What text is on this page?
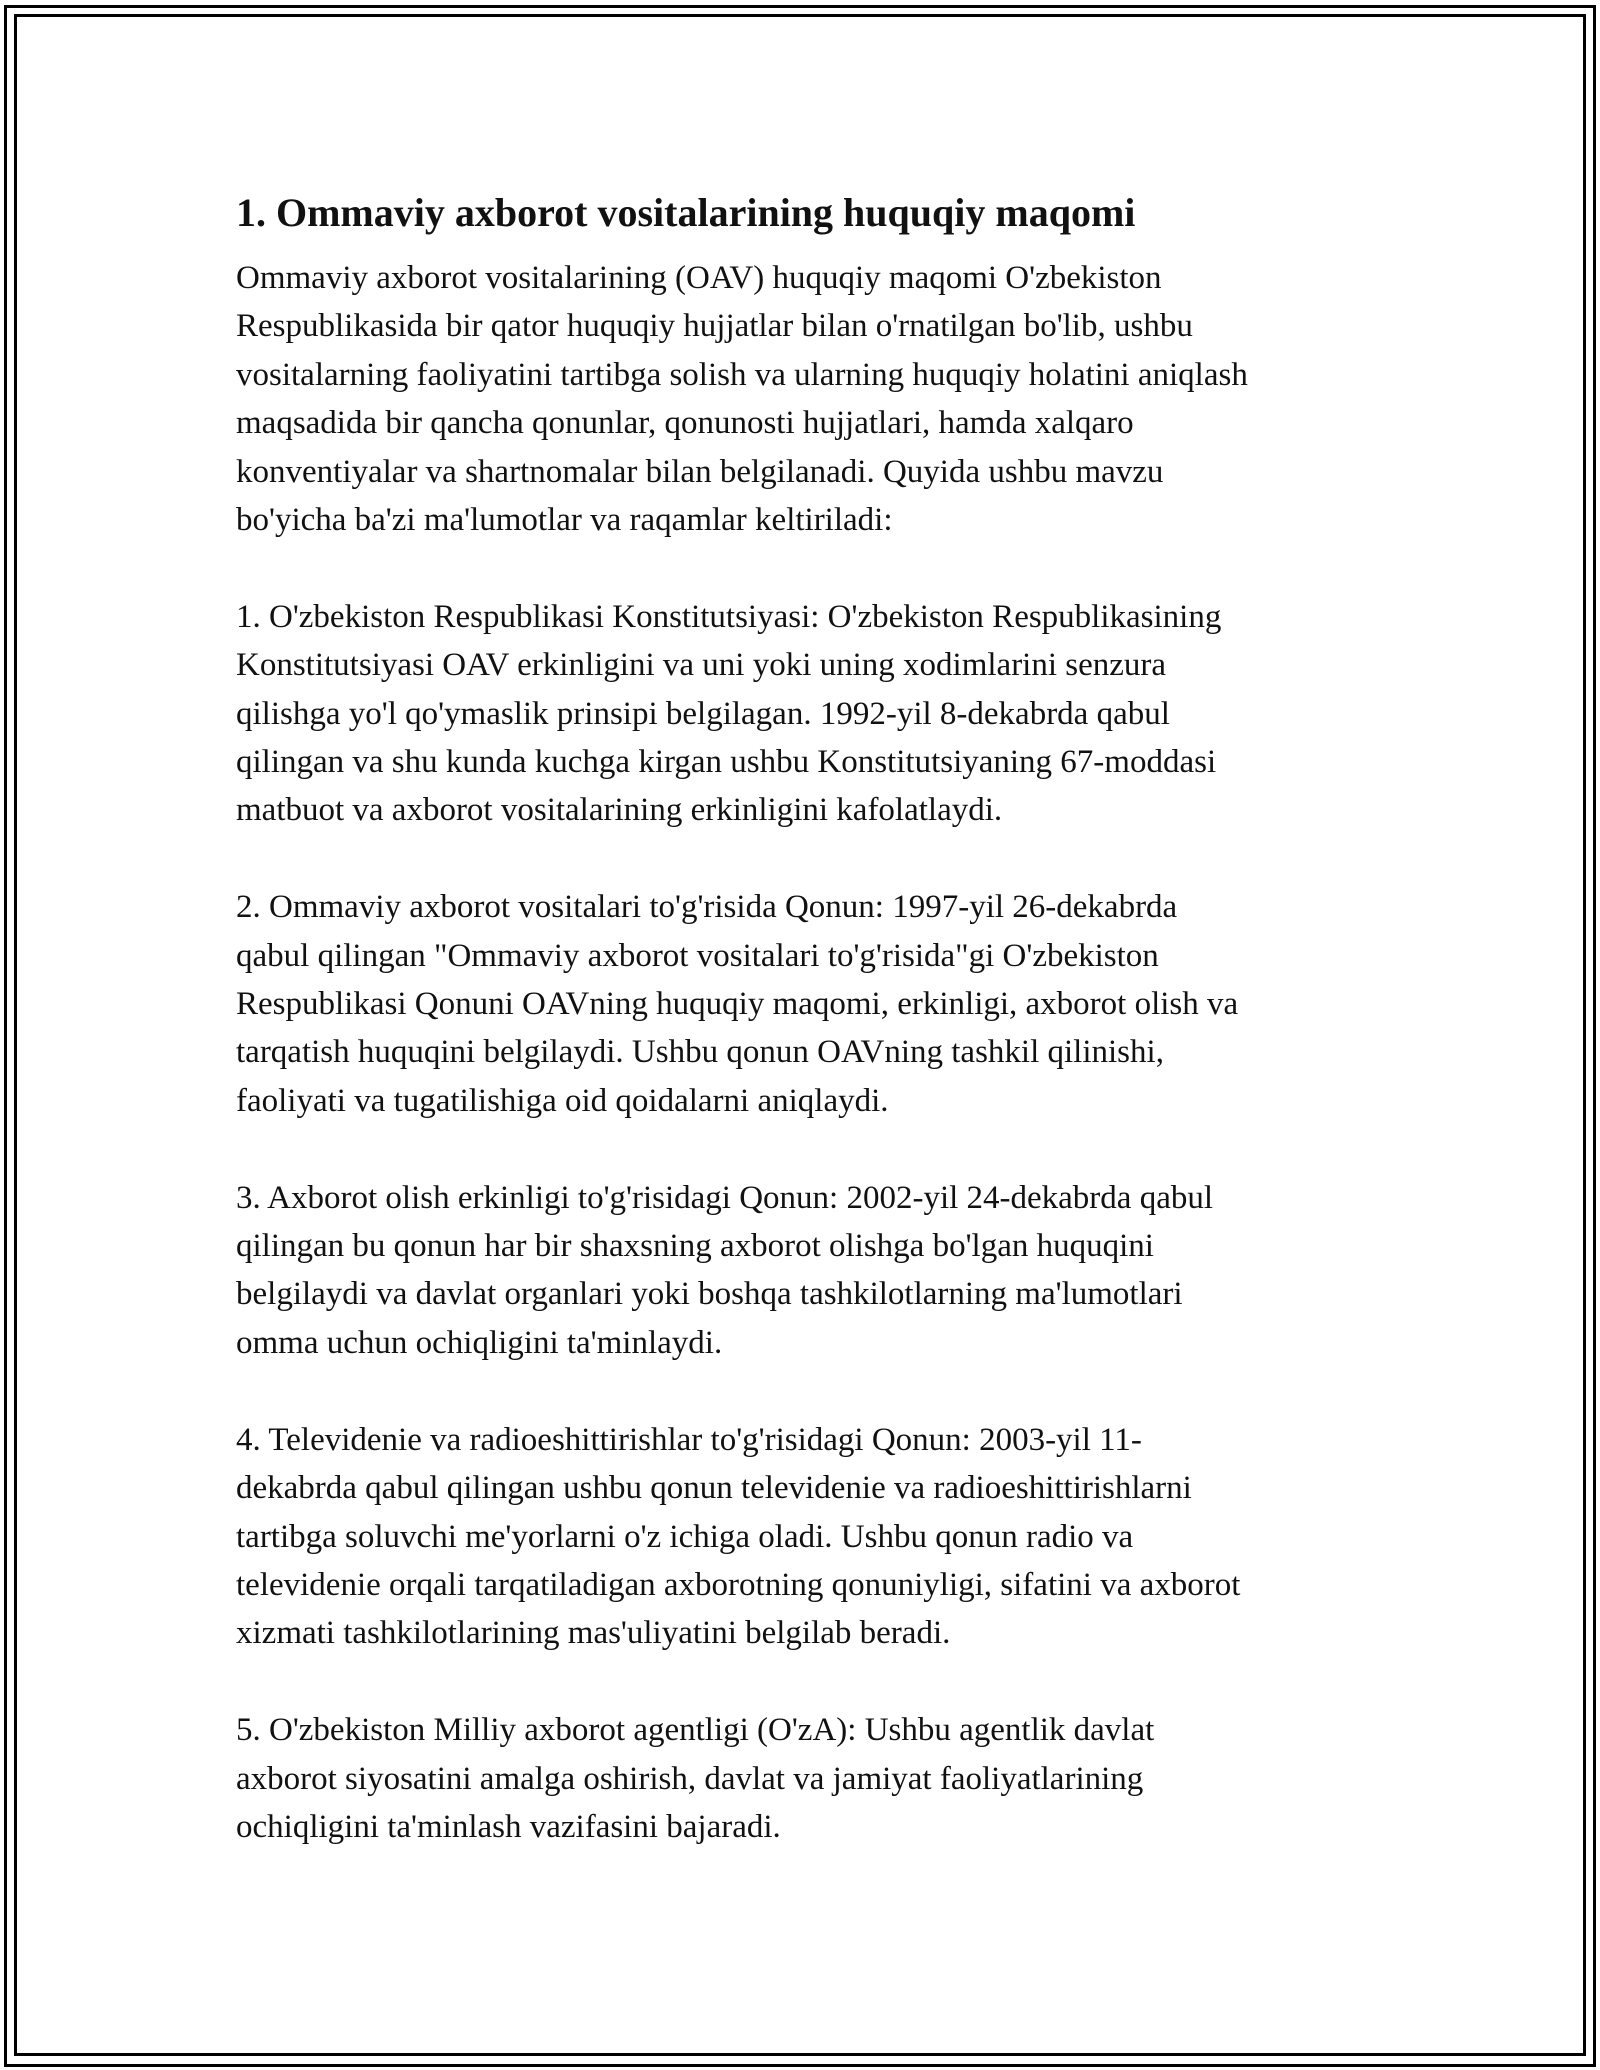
1. Ommaviy axborot vositalarining huquqiy maqomi

Ommaviy axborot vositalarining (OAV) huquqiy maqomi O'zbekiston
Respublikasida bir qator huquqiy hujjatlar bilan o'rnatilgan bo'lib, ushbu
vositalarning faoliyatini tartibga solish va ularning huquqiy holatini aniqlash
maqsadida bir qancha qonunlar, qonunosti hujjatlari, hamda xalqaro
konventiyalar va shartnomalar bilan belgilanadi. Quyida ushbu mavzu
bo'yicha ba'zi ma'lumotlar va raqamlar keltiriladi:

1. O'zbekiston Respublikasi Konstitutsiyasi: O'zbekiston Respublikasining
Konstitutsiyasi OAV erkinligini va uni yoki uning xodimlarini senzura
qilishga yo'l qo'ymaslik prinsipi belgilagan. 1992-yil 8-dekabrda qabul
qilingan va shu kunda kuchga kirgan ushbu Konstitutsiyaning 67-moddasi
matbuot va axborot vositalarining erkinligini kafolatlaydi.

2. Ommaviy axborot vositalari to'g'risida Qonun: 1997-yil 26-dekabrda
qabul qilingan "Ommaviy axborot vositalari to'g'risida"gi O'zbekiston
Respublikasi Qonuni OAVning huquqiy maqomi, erkinligi, axborot olish va
tarqatish huquqini belgilaydi. Ushbu qonun OAVning tashkil qilinishi,
faoliyati va tugatilishiga oid qoidalarni aniqlaydi.

3. Axborot olish erkinligi to'g'risidagi Qonun: 2002-yil 24-dekabrda qabul
qilingan bu qonun har bir shaxsning axborot olishga bo'lgan huquqini
belgilaydi va davlat organlari yoki boshqa tashkilotlarning ma'lumotlari
omma uchun ochiqligini ta'minlaydi.

4. Televidenie va radioeshittirishlar to'g'risidagi Qonun: 2003-yil 11-
dekabrda qabul qilingan ushbu qonun televidenie va radioeshittirishlarni
tartibga soluvchi me'yorlarni o'z ichiga oladi. Ushbu qonun radio va
televidenie orqali tarqatiladigan axborotning qonuniyligi, sifatini va axborot
xizmati tashkilotlarining mas'uliyatini belgilab beradi.

5. O'zbekiston Milliy axborot agentligi (O'zA): Ushbu agentlik davlat
axborot siyosatini amalga oshirish, davlat va jamiyat faoliyatlarining
ochiqligini ta'minlash vazifasini bajaradi.
